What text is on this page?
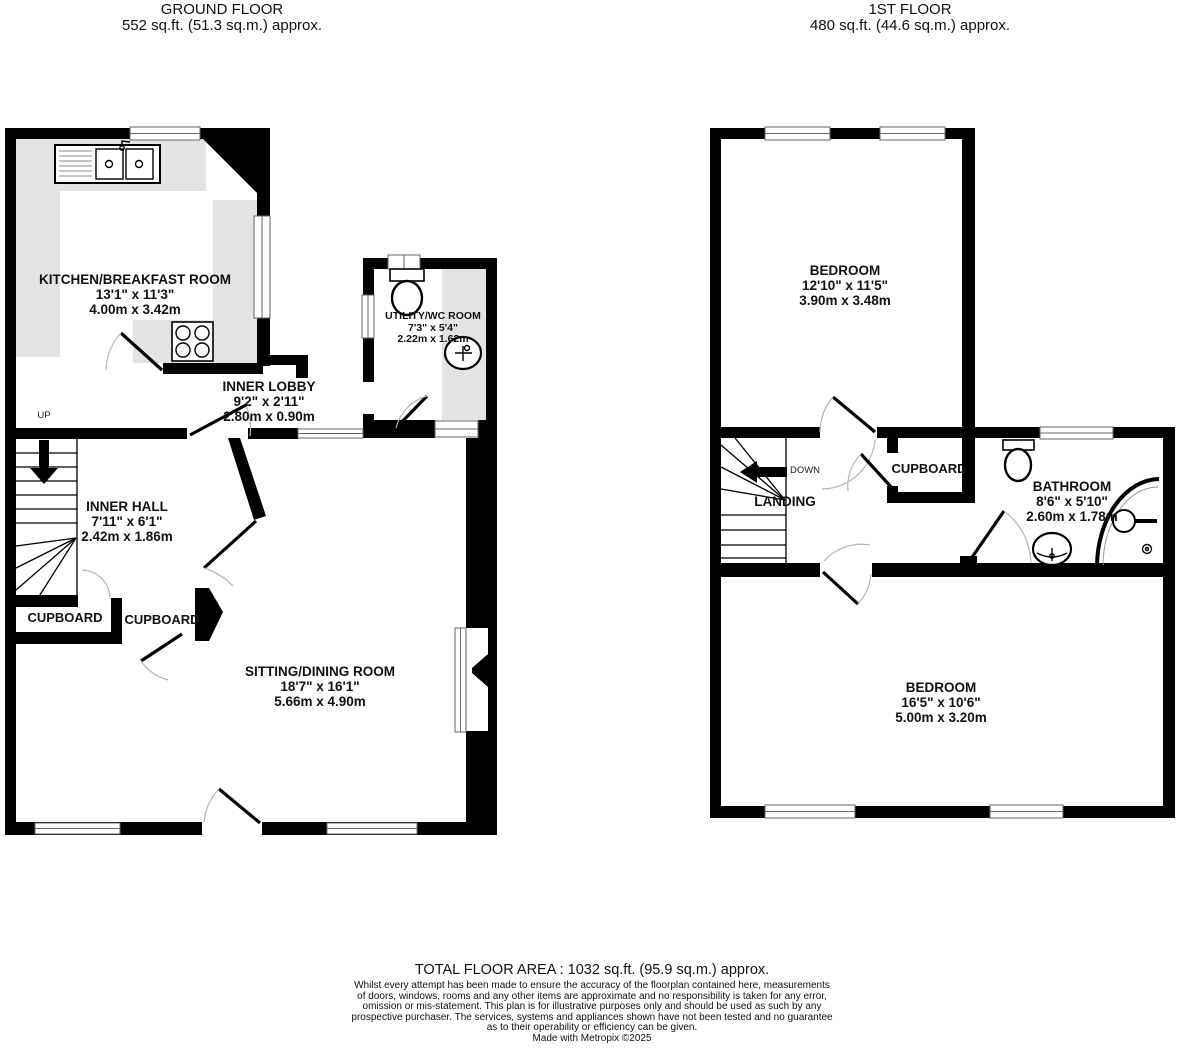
GROUND FLOOR
552 sq.ft. (51.3 sq.m.) approx.
1ST FLOOR
480 sq.ft. (44.6 sq.m.) approx.
KITCHEN/BREAKFAST ROOM
13'1" x 11'3"
4.00m x 3.42m	UTILITY/WC ROOM
7'3" x 5'4"
2.22m x 1.62m
INNER LOBBY
9'2" x 2'11"
2.80m x 0.90m
INNER HALL
7'11" x 6'1"
2.42m x 1.86m
SITTING/DINING ROOM
18'7" x 16'1"
5.66m x 4.90m
CUPBOARD CUPBOARD
UP
BEDROOM
12'10" x 11'5"
3.90m x 3.48m
LANDING
DOWN	CUPBOARD
BATHROOM
8'6" x 5'10"
2.60m x 1.78m
BEDROOM
16'5" x 10'6"
5.00m x 3.20m
TOTAL FLOOR AREA : 1032 sq.ft. (95.9 sq.m.) approx.
Whilst every attempt has been made to ensure the accuracy of the floorplan contained here, measurements
of doors, windows, rooms and any other items are approximate and no responsibility is taken for any error,
omission or mis-statement. This plan is for illustrative purposes only and should be used as such by any
prospective purchaser. The services, systems and appliances shown have not been tested and no guarantee
as to their operability or efficiency can be given.
Made with Metropix ©2025
